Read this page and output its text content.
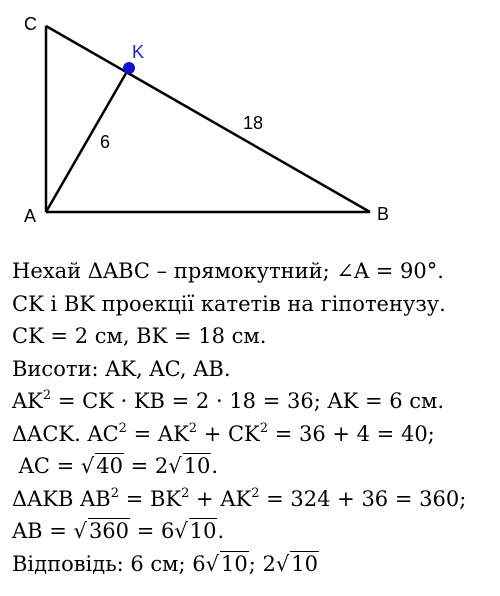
C
K
A	B
6
18
Нехай ΔABC – прямокутний; ∠A = 90°.
CK і BK проекції катетів на гіпотенузу.
CK = 2 см, BK = 18 см.
Висоти: AK, AC, AB.
$AK^2$ = CK · KB = 2 · 18 = 36; AK = 6 см.
ΔACK. $AC^2 = AK^2 + CK^2 = 36 + 4 = 40$;
AC = √40 = 2√10.
ΔAKB $AB^2 = BK^2 + AK^2 = 324 + 36 = 360$;
AB = √360 = 6√10.
Відповідь: 6 см; 6√10; 2√10
